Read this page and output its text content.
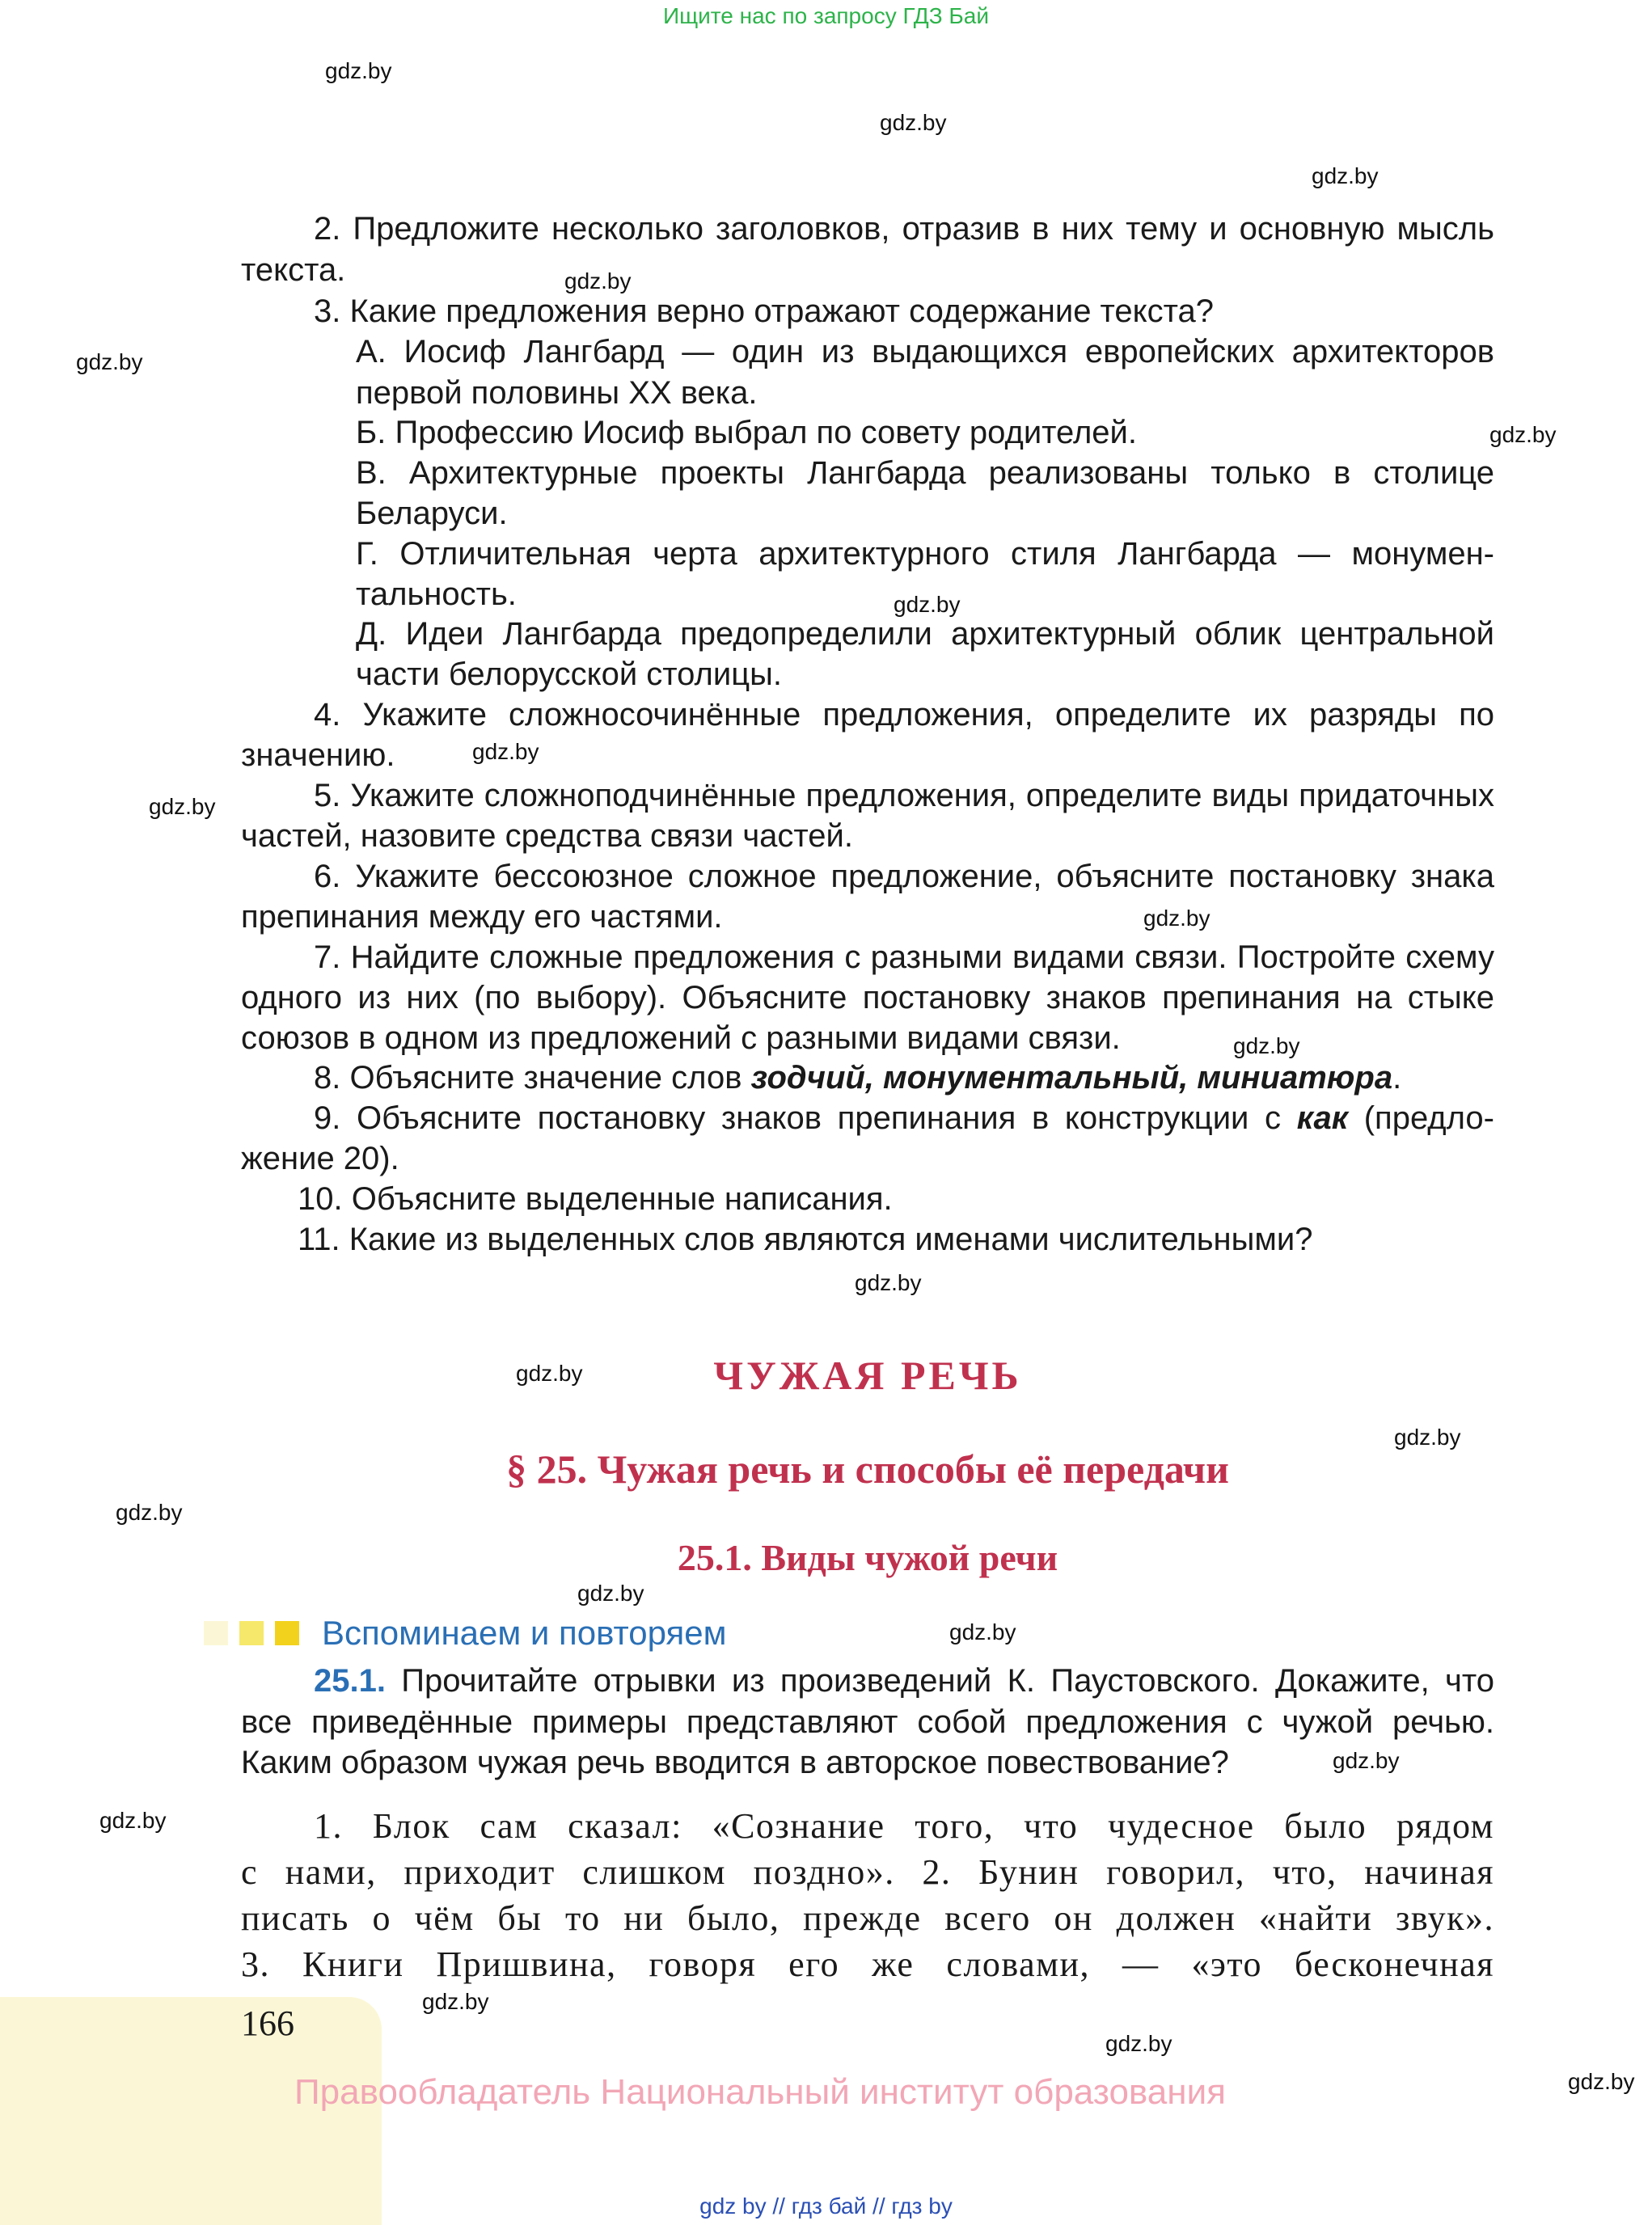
Ищите нас по запросу ГДЗ Бай
gdz.by
gdz.by
gdz.by
gdz.by
gdz.by
gdz.by
gdz.by
gdz.by
gdz.by
gdz.by
gdz.by
gdz.by
gdz.by
gdz.by
gdz.by
gdz.by
gdz.by
gdz.by
gdz.by
gdz.by
gdz.by
gdz.by
2. Предложите несколько заголовков, отразив в них тему и основную мысль
текста.
3. Какие предложения верно отражают содержание текста?
А. Иосиф Лангбард — один из выдающихся европейских архитекторов
первой половины XX века.
Б. Профессию Иосиф выбрал по совету родителей.
В. Архитектурные проекты Лангбарда реализованы только в столице
Беларуси.
Г. Отличительная черта архитектурного стиля Лангбарда — монумен-
тальность.
Д. Идеи Лангбарда предопределили архитектурный облик центральной
части белорусской столицы.
4. Укажите сложносочинённые предложения, определите их разряды по
значению.
5. Укажите сложноподчинённые предложения, определите виды придаточных
частей, назовите средства связи частей.
6. Укажите бессоюзное сложное предложение, объясните постановку знака
препинания между его частями.
7. Найдите сложные предложения с разными видами связи. Постройте схему
одного из них (по выбору). Объясните постановку знаков препинания на стыке
союзов в одном из предложений с разными видами связи.
8. Объясните значение слов зодчий, монументальный, миниатюра.
9. Объясните постановку знаков препинания в конструкции с как (предло-
жение 20).
10. Объясните выделенные написания.
11. Какие из выделенных слов являются именами числительными?
ЧУЖАЯ РЕЧЬ
§ 25. Чужая речь и способы её передачи
25.1. Виды чужой речи
Вспоминаем и повторяем
25.1. Прочитайте отрывки из произведений К. Паустовского. Докажите, что
все приведённые примеры представляют собой предложения с чужой речью.
Каким образом чужая речь вводится в авторское повествование?
1. Блок сам сказал: «Сознание того, что чудесное было рядом
с нами, приходит слишком поздно». 2. Бунин говорил, что, начиная
писать о чём бы то ни было, прежде всего он должен «найти звук».
3. Книги Пришвина, говоря его же словами, — «это бесконечная
166
Правообладатель Национальный институт образования
gdz by // гдз бай // гдз by
